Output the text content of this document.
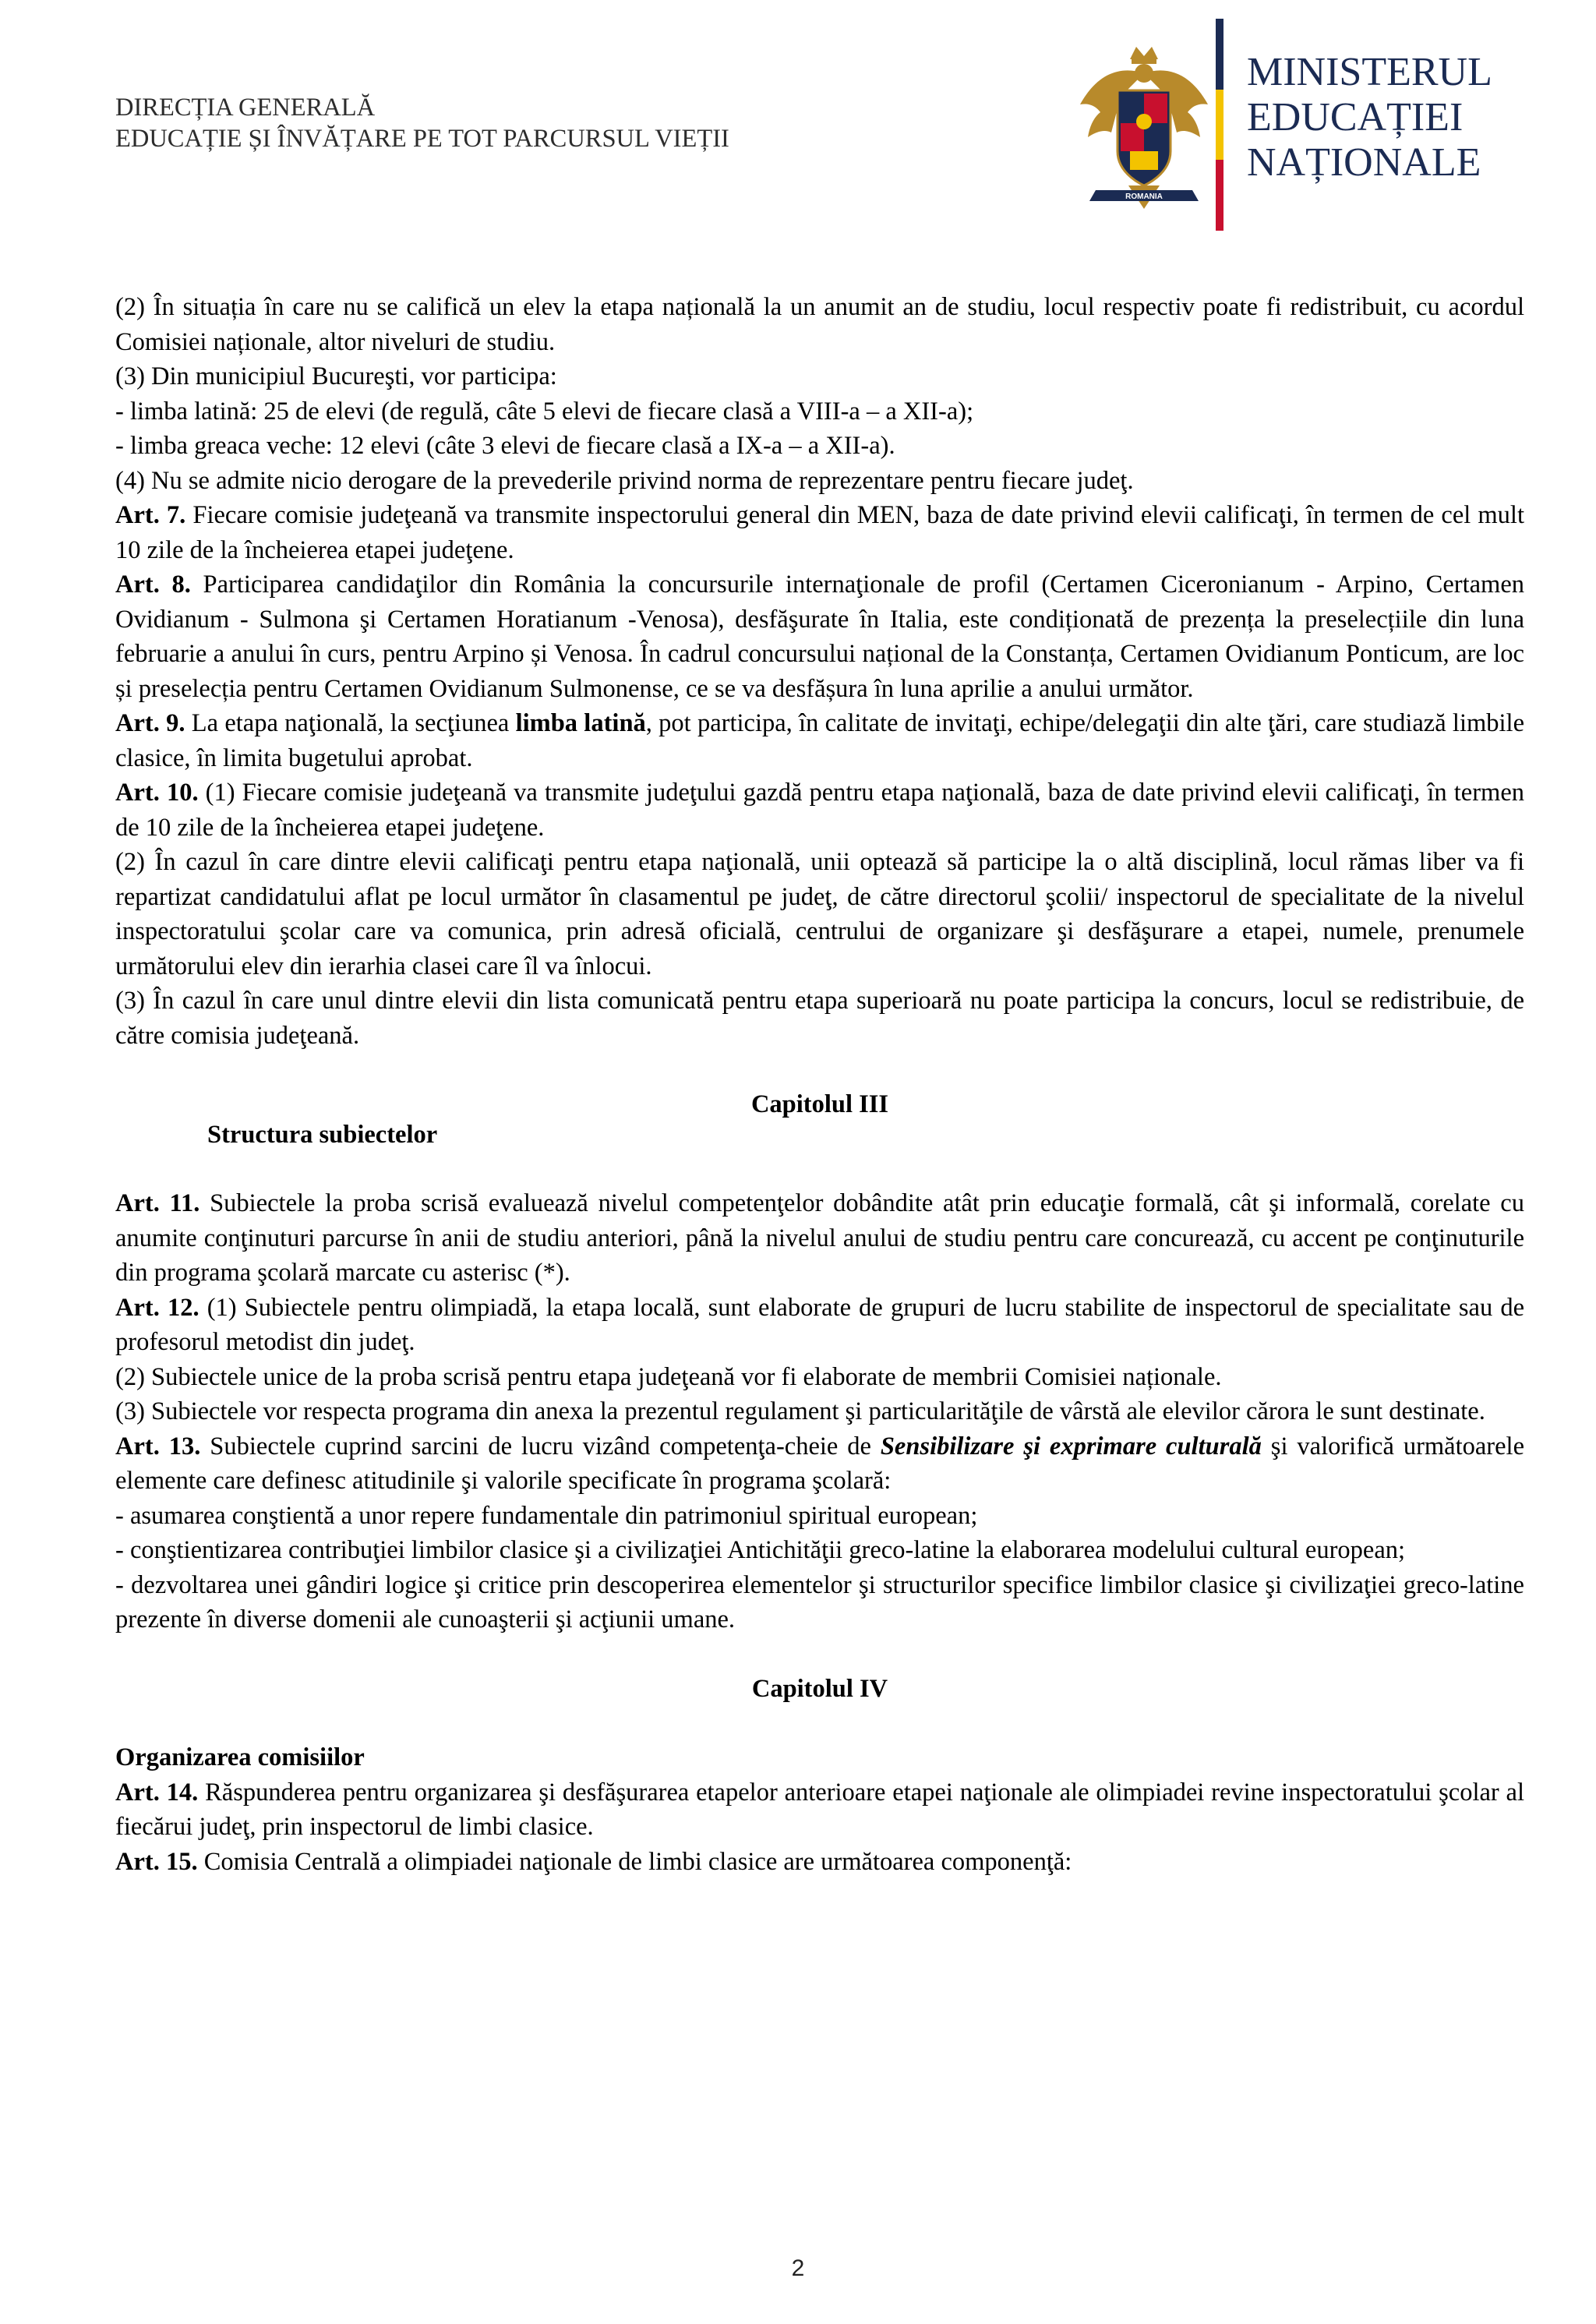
DIRECȚIA GENERALĂ
EDUCAȚIE ȘI ÎNVĂȚARE PE TOT PARCURSUL VIEȚII
ROMANIA
MINISTERUL
EDUCAȚIEI
NAȚIONALE

(2) În situația în care nu se califică un elev la etapa națională la un anumit an de studiu, locul respectiv poate fi redistribuit, cu acordul Comisiei naționale, altor niveluri de studiu.

(3) Din municipiul Bucureşti, vor participa:

- limba latină: 25 de elevi (de regulă, câte 5 elevi de fiecare clasă a VIII-a – a XII-a);

- limba greaca veche: 12 elevi (câte 3 elevi de fiecare clasă a IX-a – a XII-a).

(4) Nu se admite nicio derogare de la prevederile privind norma de reprezentare pentru fiecare judeţ.

Art. 7. Fiecare comisie judeţeană va transmite inspectorului general din MEN, baza de date privind elevii calificaţi, în termen de cel mult 10 zile de la încheierea etapei judeţene.

Art. 8. Participarea candidaţilor din România la concursurile internaţionale de profil (Certamen Ciceronianum - Arpino, Certamen Ovidianum - Sulmona şi Certamen Horatianum -Venosa), desfăşurate în Italia, este condiționată de prezența la preselecțiile din luna februarie a anului în curs, pentru Arpino și Venosa. În cadrul concursului național de la Constanța, Certamen Ovidianum Ponticum, are loc și preselecția pentru Certamen Ovidianum Sulmonense, ce se va desfășura în luna aprilie a anului următor.

Art. 9. La etapa naţională, la secţiunea limba latină, pot participa, în calitate de invitaţi, echipe/delegaţii din alte ţări, care studiază limbile clasice, în limita bugetului aprobat.

Art. 10. (1) Fiecare comisie judeţeană va transmite judeţului gazdă pentru etapa naţională, baza de date privind elevii calificaţi, în termen de 10 zile de la încheierea etapei judeţene.

(2) În cazul în care dintre elevii calificaţi pentru etapa naţională, unii optează să participe la o altă disciplină, locul rămas liber va fi repartizat candidatului aflat pe locul următor în clasamentul pe judeţ, de către directorul şcolii/ inspectorul de specialitate de la nivelul inspectoratului şcolar care va comunica, prin adresă oficială, centrului de organizare şi desfăşurare a etapei, numele, prenumele următorului elev din ierarhia clasei care îl va înlocui.

(3) În cazul în care unul dintre elevii din lista comunicată pentru etapa superioară nu poate participa la concurs, locul se redistribuie, de către comisia judeţeană.

Capitolul III

Structura subiectelor

Art. 11. Subiectele la proba scrisă evaluează nivelul competenţelor dobândite atât prin educaţie formală, cât şi informală, corelate cu anumite conţinuturi parcurse în anii de studiu anteriori, până la nivelul anului de studiu pentru care concurează, cu accent pe conţinuturile din programa şcolară marcate cu asterisc (*).

Art. 12. (1) Subiectele pentru olimpiadă, la etapa locală, sunt elaborate de grupuri de lucru stabilite de inspectorul de specialitate sau de profesorul metodist din judeţ.

(2) Subiectele unice de la proba scrisă pentru etapa judeţeană vor fi elaborate de membrii Comisiei naționale.

(3) Subiectele vor respecta programa din anexa la prezentul regulament şi particularităţile de vârstă ale elevilor cărora le sunt destinate.

Art. 13. Subiectele cuprind sarcini de lucru vizând competenţa-cheie de Sensibilizare şi exprimare culturală şi valorifică următoarele elemente care definesc atitudinile şi valorile specificate în programa şcolară:

- asumarea conştientă a unor repere fundamentale din patrimoniul spiritual european;

- conştientizarea contribuţiei limbilor clasice şi a civilizaţiei Antichităţii greco-latine la elaborarea modelului cultural european;

- dezvoltarea unei gândiri logice şi critice prin descoperirea elementelor şi structurilor specifice limbilor clasice şi civilizaţiei greco-latine prezente în diverse domenii ale cunoaşterii şi acţiunii umane.

Capitolul IV

Organizarea comisiilor

Art. 14. Răspunderea pentru organizarea şi desfăşurarea etapelor anterioare etapei naţionale ale olimpiadei revine inspectoratului şcolar al fiecărui judeţ, prin inspectorul de limbi clasice.

Art. 15. Comisia Centrală a olimpiadei naţionale de limbi clasice are următoarea componenţă:

2
